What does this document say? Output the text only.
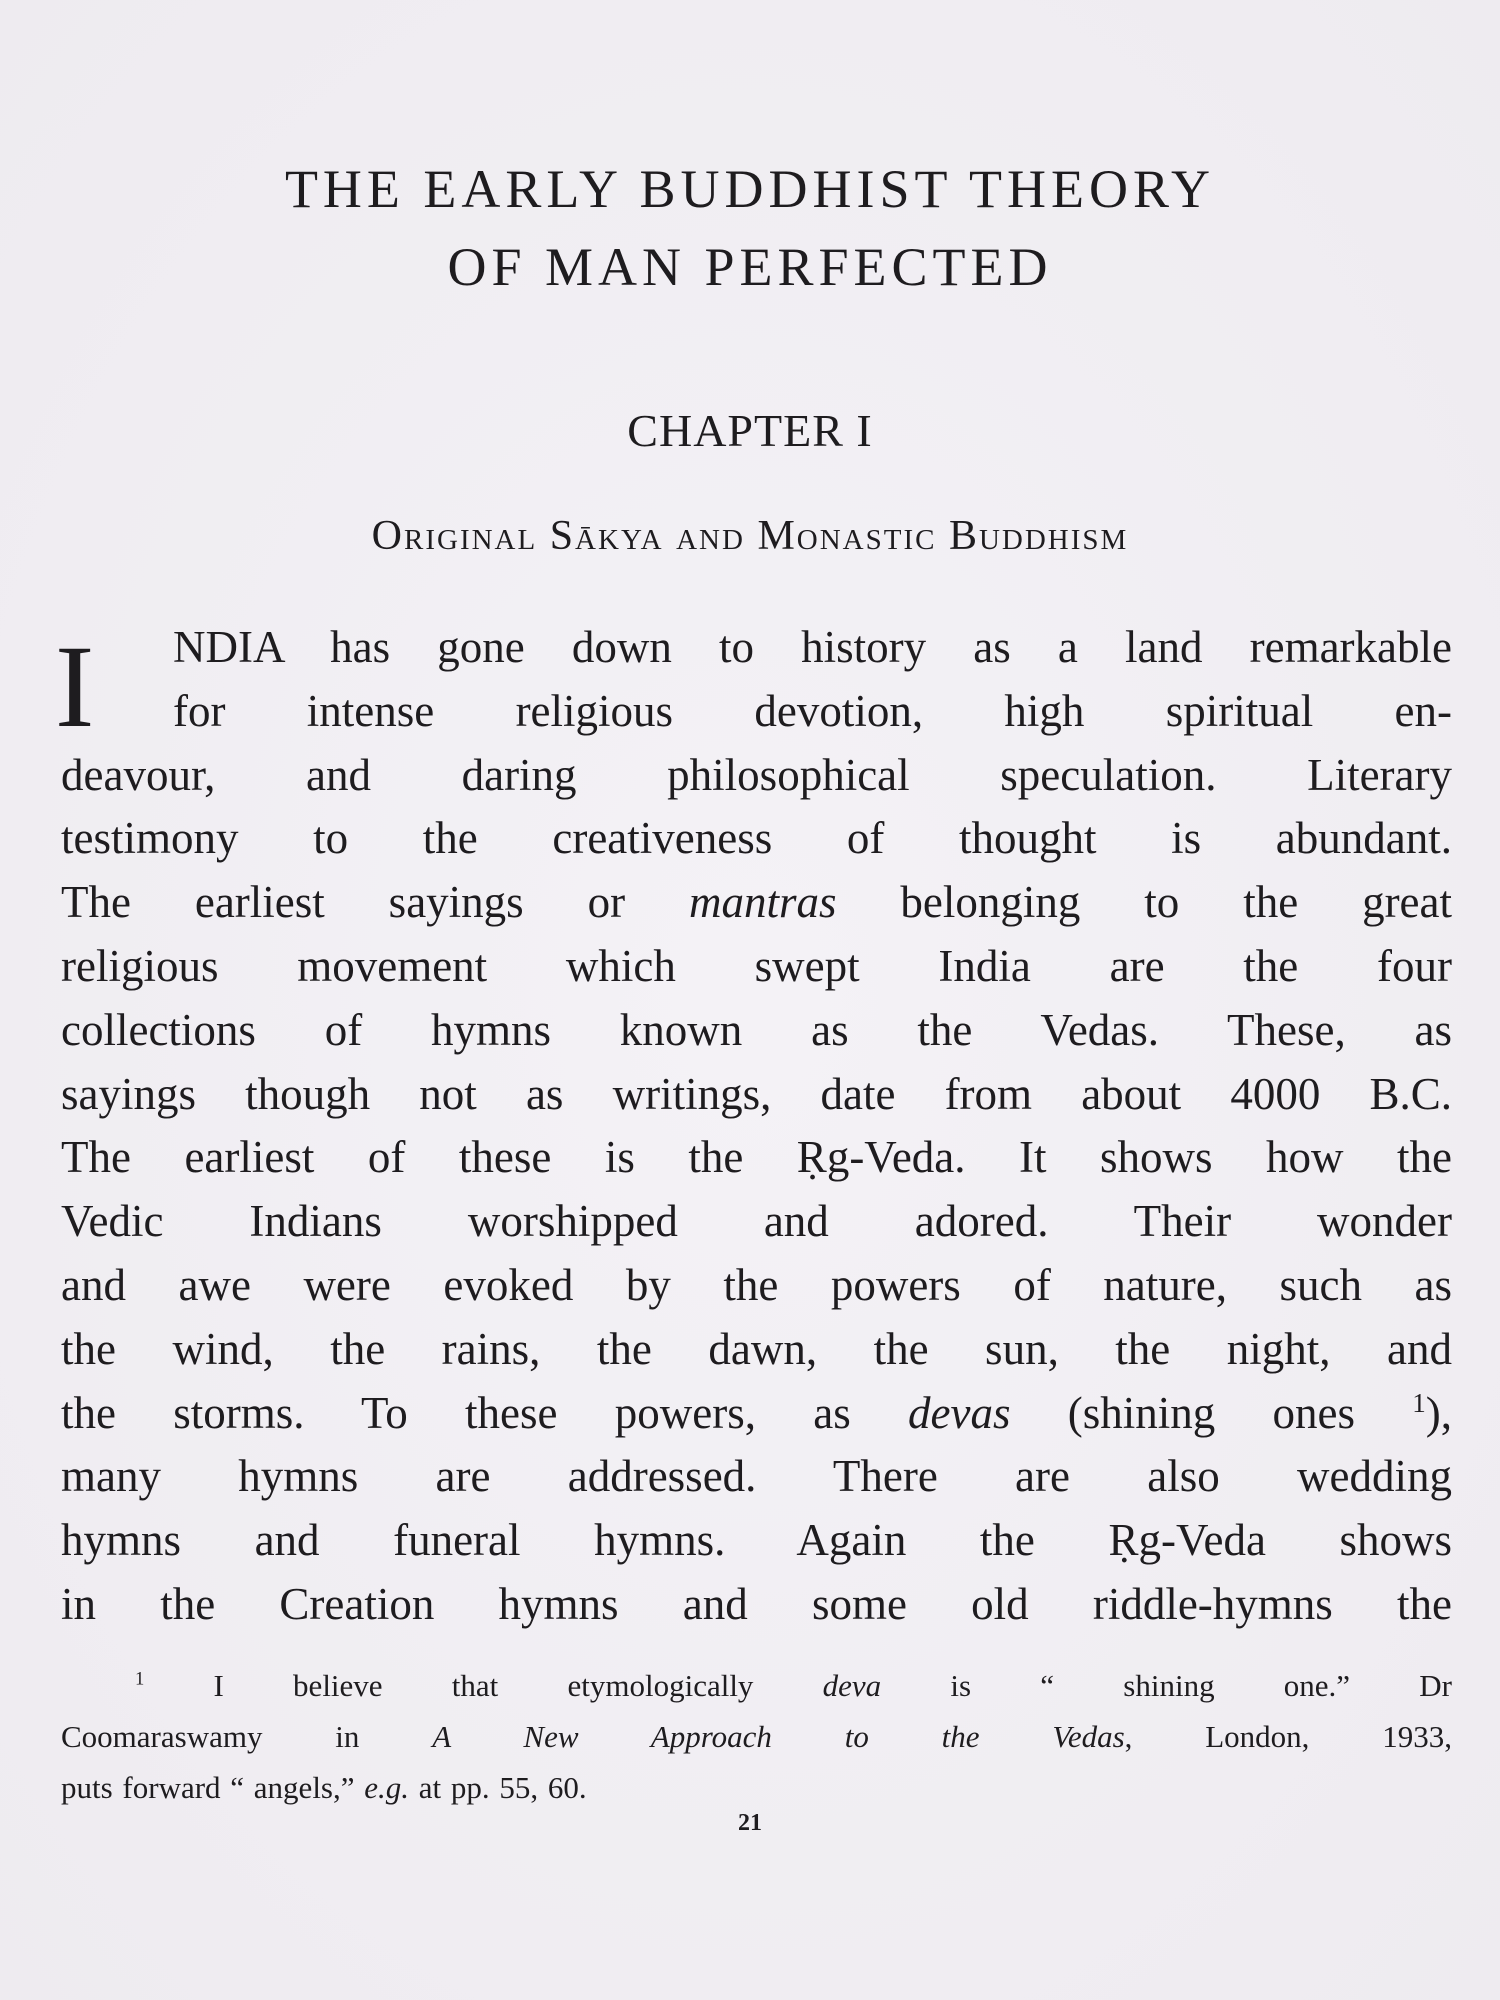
THE EARLY BUDDHIST THEORY
OF MAN PERFECTED
CHAPTER I
Original Sākya and Monastic Buddhism
I	NDIA has gone down to history as a land remarkable
for intense religious devotion, high spiritual en-
deavour, and daring philosophical speculation. Literary
testimony to the creativeness of thought is abundant.
The earliest sayings or mantras belonging to the great
religious movement which swept India are the four
collections of hymns known as the Vedas. These, as
sayings though not as writings, date from about 4000 B.C.
The earliest of these is the Ṛg-Veda. It shows how the
Vedic Indians worshipped and adored. Their wonder
and awe were evoked by the powers of nature, such as
the wind, the rains, the dawn, the sun, the night, and
the storms. To these powers, as devas (shining ones $^1$),
many hymns are addressed. There are also wedding
hymns and funeral hymns. Again the Ṛg-Veda shows
in the Creation hymns and some old riddle-hymns the
$^1$ I believe that etymologically deva is “ shining one.” Dr
Coomaraswamy in A New Approach to the Vedas, London, 1933,
puts forward “ angels,” e.g. at pp. 55, 60.
21
